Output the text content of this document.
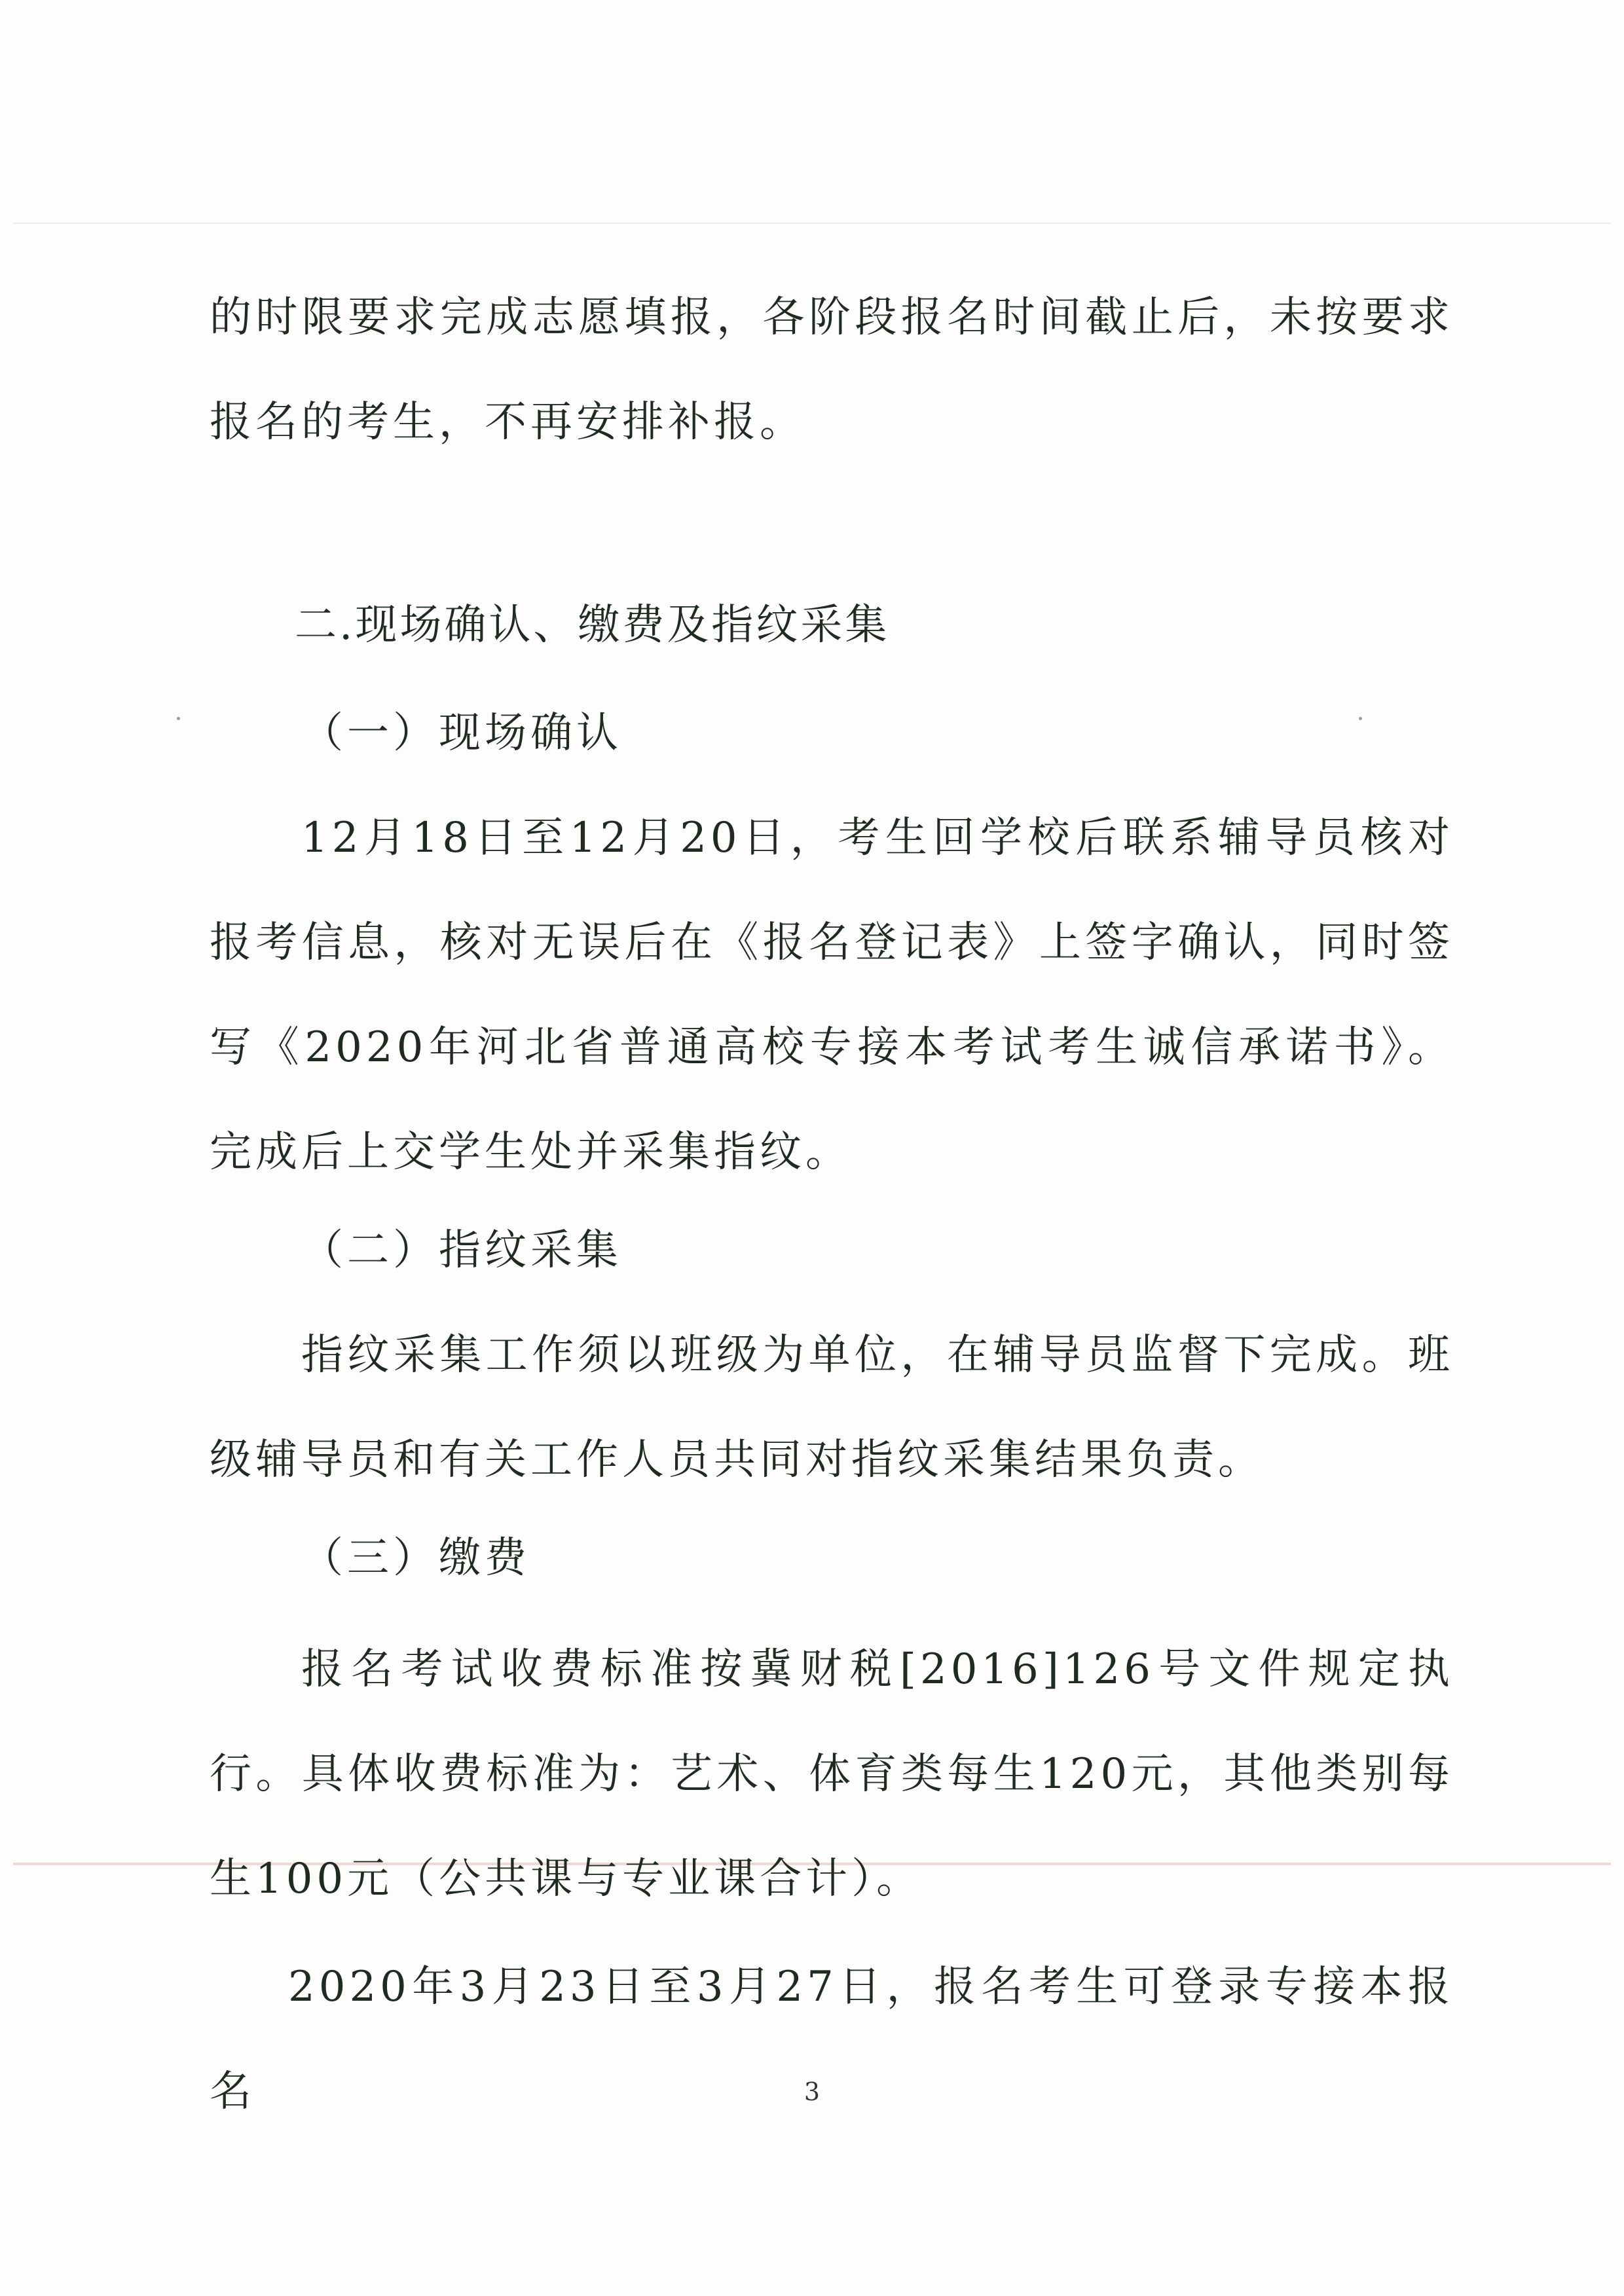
的时限要求完成志愿填报，各阶段报名时间截止后，未按要求报名的考生，不再安排补报。

二.现场确认、缴费及指纹采集
（一）现场确认

12月18日至12月20日，考生回学校后联系辅导员核对报考信息，核对无误后在《报名登记表》上签字确认，同时签写《2020年河北省普通高校专接本考试考生诚信承诺书》。完成后上交学生处并采集指纹。

（二）指纹采集

指纹采集工作须以班级为单位，在辅导员监督下完成。班级辅导员和有关工作人员共同对指纹采集结果负责。

（三）缴费

报名考试收费标准按冀财税[2016]126号文件规定执行。具体收费标准为：艺术、体育类每生120元，其他类别每生100元（公共课与专业课合计）。

2020年3月23日至3月27日，报名考生可登录专接本报名	3
